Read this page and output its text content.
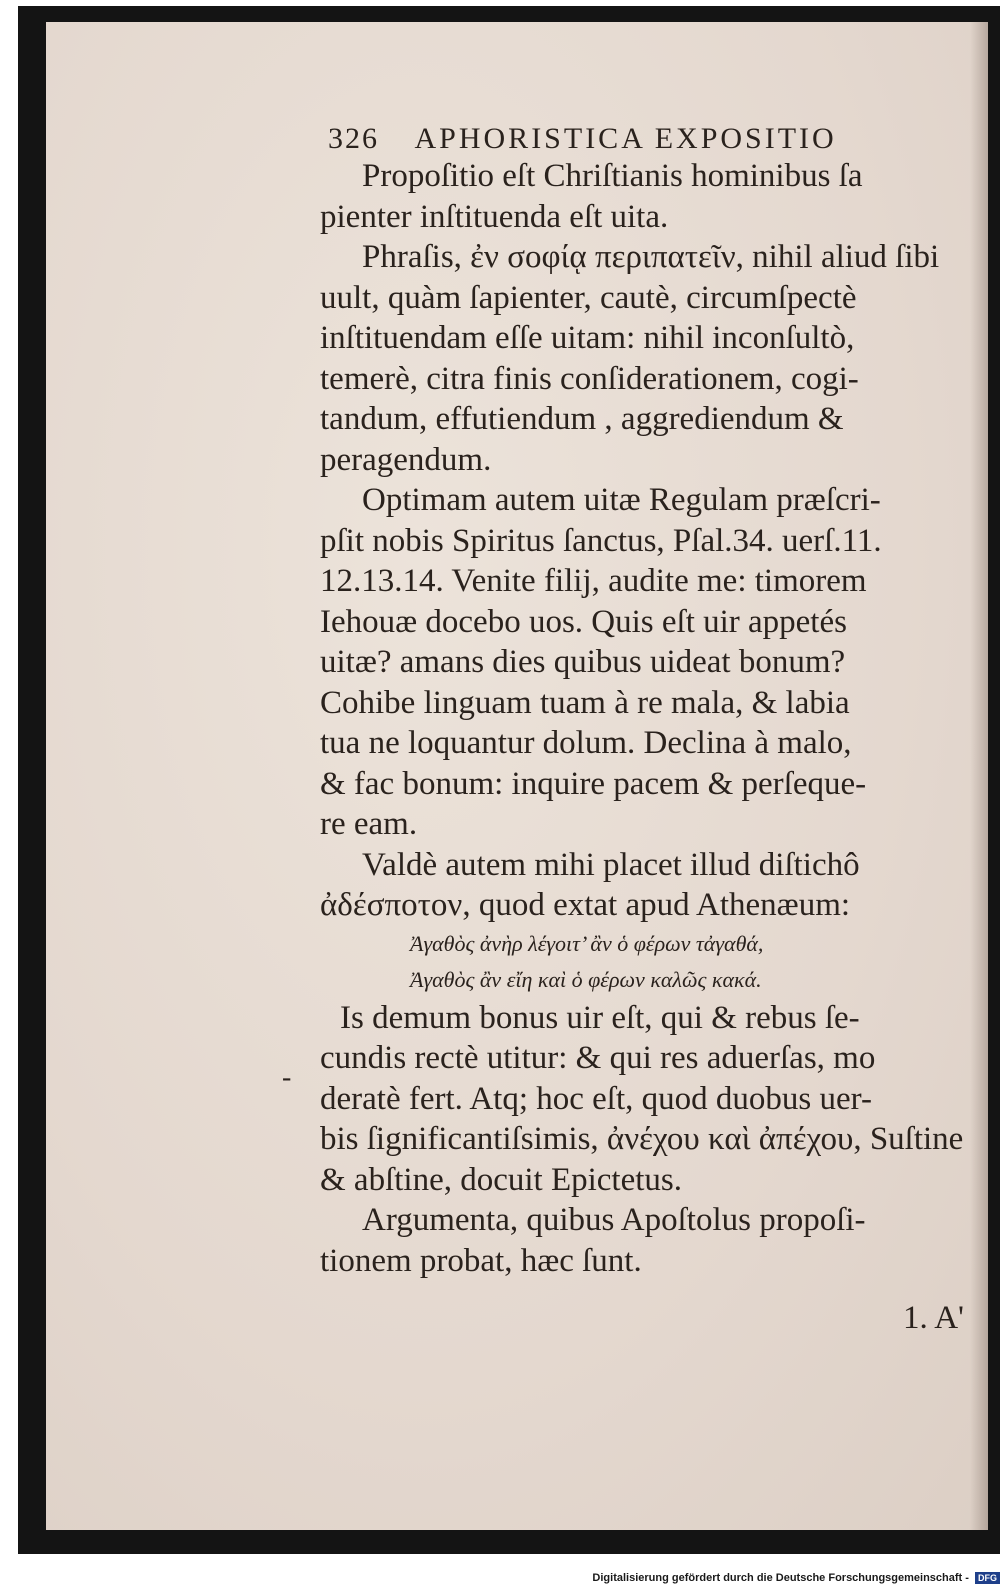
326 APHORISTICA EXPOSITIO
Propoſitio eſt Chriſtianis hominibus ſa
pienter inſtituenda eſt uita.
Phraſis, ἐν σοφίᾳ περιπατεῖν, nihil aliud ſibi
uult, quàm ſapienter, cautè, circumſpectè
inſtituendam eſſe uitam: nihil inconſultò,
temerè, citra finis conſiderationem, cogi-
tandum, effutiendum , aggrediendum &
peragendum.
Optimam autem uitæ Regulam præſcri-
pſit nobis Spiritus ſanctus, Pſal.34. uerſ.11.
12.13.14. Venite filij, audite me: timorem
Iehouæ docebo uos. Quis eſt uir appetés
uitæ? amans dies quibus uideat bonum?
Cohibe linguam tuam à re mala, & labia
tua ne loquantur dolum. Declina à malo,
& fac bonum: inquire pacem & perſeque-
re eam.
Valdè autem mihi placet illud diſtichô
ἀδέσποτον, quod extat apud Athenæum:
Ἀγαθὸς ἀνὴρ λέγοιτ’ ἂν ὁ φέρων τἀγαθά,
Ἀγαθὸς ἂν εἴη καὶ ὁ φέρων καλῶς κακά.
Is demum bonus uir eſt, qui & rebus ſe-
cundis rectè utitur: & qui res aduerſas, mo
deratè fert. Atq; hoc eſt, quod duobus uer-
bis ſignificantiſsimis, ἀνέχου καὶ ἀπέχου, Suſtine
& abſtine, docuit Epictetus.
Argumenta, quibus Apoſtolus propoſi-
tionem probat, hæc ſunt.
-
1. A'
Digitalisierung gefördert durch die Deutsche Forschungsgemeinschaft - DFG
